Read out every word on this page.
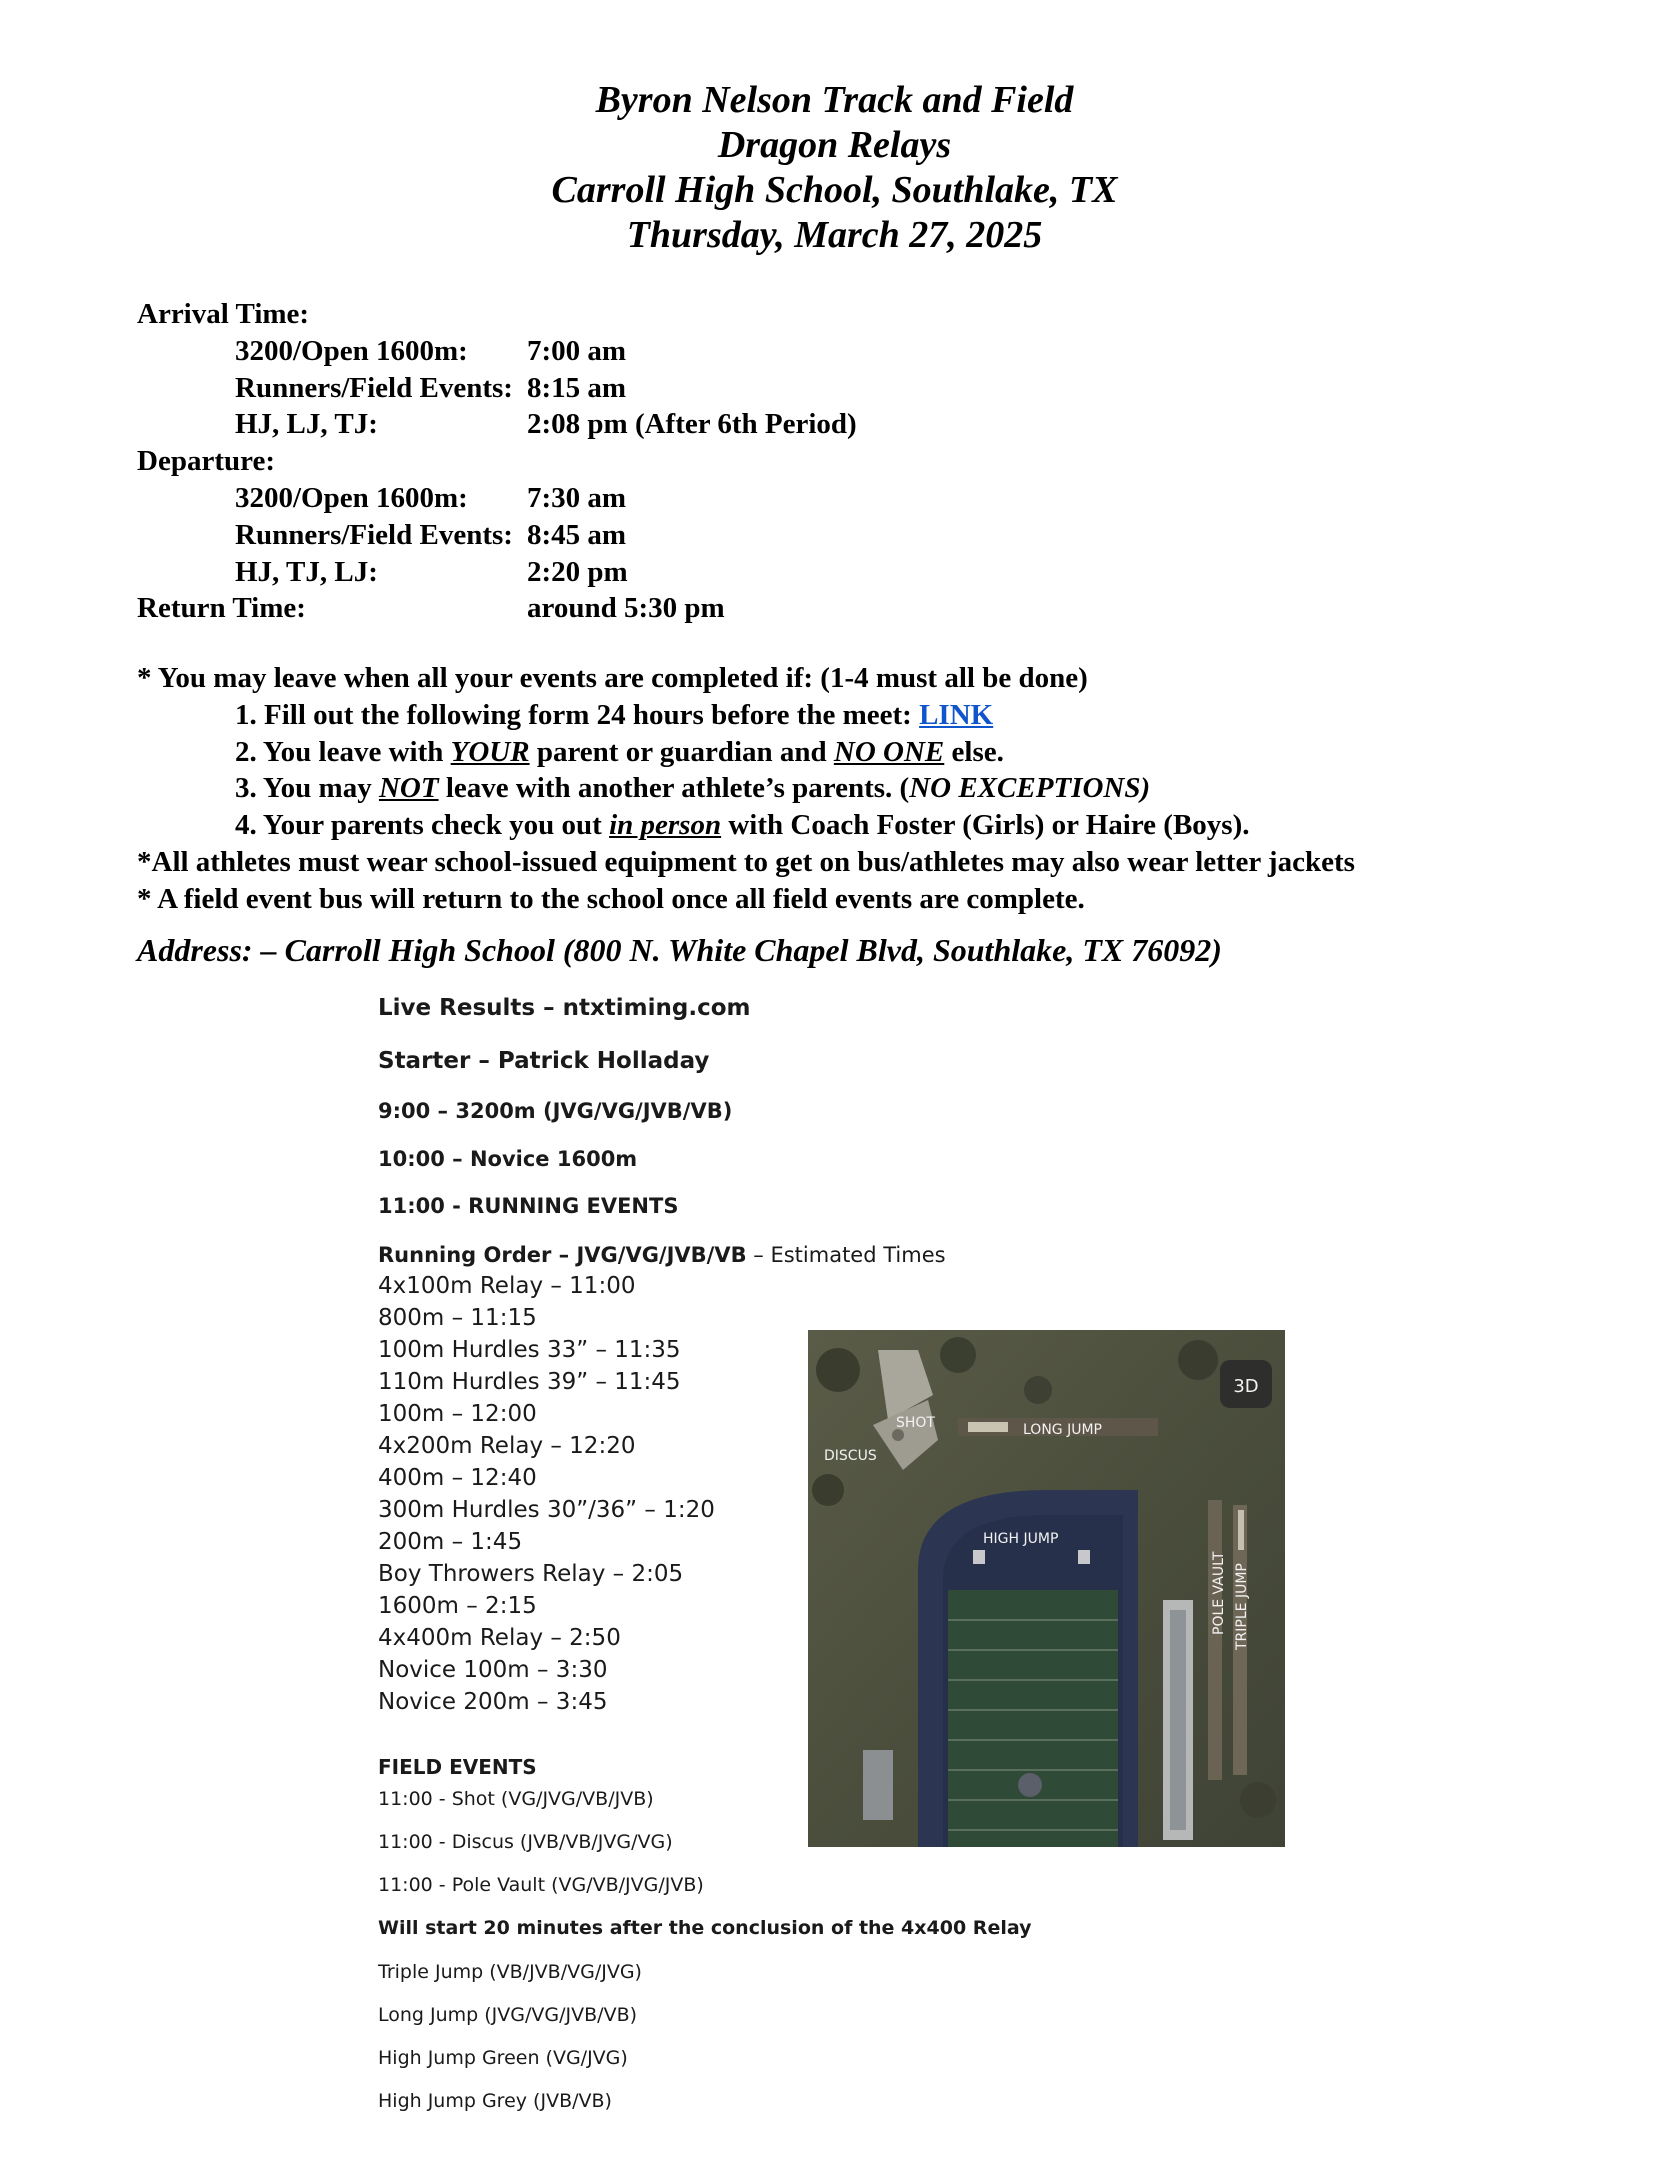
Byron Nelson Track and Field
Dragon Relays
Carroll High School, Southlake, TX
Thursday, March 27, 2025
Arrival Time:
3200/Open 1600m: 7:00 am
Runners/Field Events: 8:15 am
HJ, LJ, TJ:	2:08 pm (After 6th Period)
Departure:
3200/Open 1600m: 7:30 am
Runners/Field Events: 8:45 am
HJ, TJ, LJ:	2:20 pm
Return Time:	around 5:30 pm
* You may leave when all your events are completed if: (1-4 must all be done)
1. Fill out the following form 24 hours before the meet: LINK
2. You leave with YOUR parent or guardian and NO ONE else.
3. You may NOT leave with another athlete’s parents. (NO EXCEPTIONS)
4. Your parents check you out in person with Coach Foster (Girls) or Haire (Boys).
*All athletes must wear school-issued equipment to get on bus/athletes may also wear letter jackets
* A field event bus will return to the school once all field events are complete.
Address: – Carroll High School (800 N. White Chapel Blvd, Southlake, TX 76092)
Live Results – ntxtiming.com
Starter – Patrick Holladay
9:00 – 3200m (JVG/VG/JVB/VB)
10:00 – Novice 1600m
11:00 - RUNNING EVENTS
Running Order – JVG/VG/JVB/VB – Estimated Times
4x100m Relay – 11:00
800m – 11:15
100m Hurdles 33” – 11:35
110m Hurdles 39” – 11:45
100m – 12:00
4x200m Relay – 12:20
400m – 12:40
300m Hurdles 30”/36” – 1:20
200m – 1:45
Boy Throwers Relay – 2:05
1600m – 2:15
4x400m Relay – 2:50
Novice 100m – 3:30
Novice 200m – 3:45
FIELD EVENTS
11:00 - Shot (VG/JVG/VB/JVB)
11:00 - Discus (JVB/VB/JVG/VG)
11:00 - Pole Vault (VG/VB/JVG/JVB)
Will start 20 minutes after the conclusion of the 4x400 Relay
Triple Jump (VB/JVB/VG/JVG)
Long Jump (JVG/VG/JVB/VB)
High Jump Green (VG/JVG)
High Jump Grey (JVB/VB)
3D
SHOT
DISCUS
LONG JUMP
HIGH JUMP
POLE VAULT TRIPLE JUMP
